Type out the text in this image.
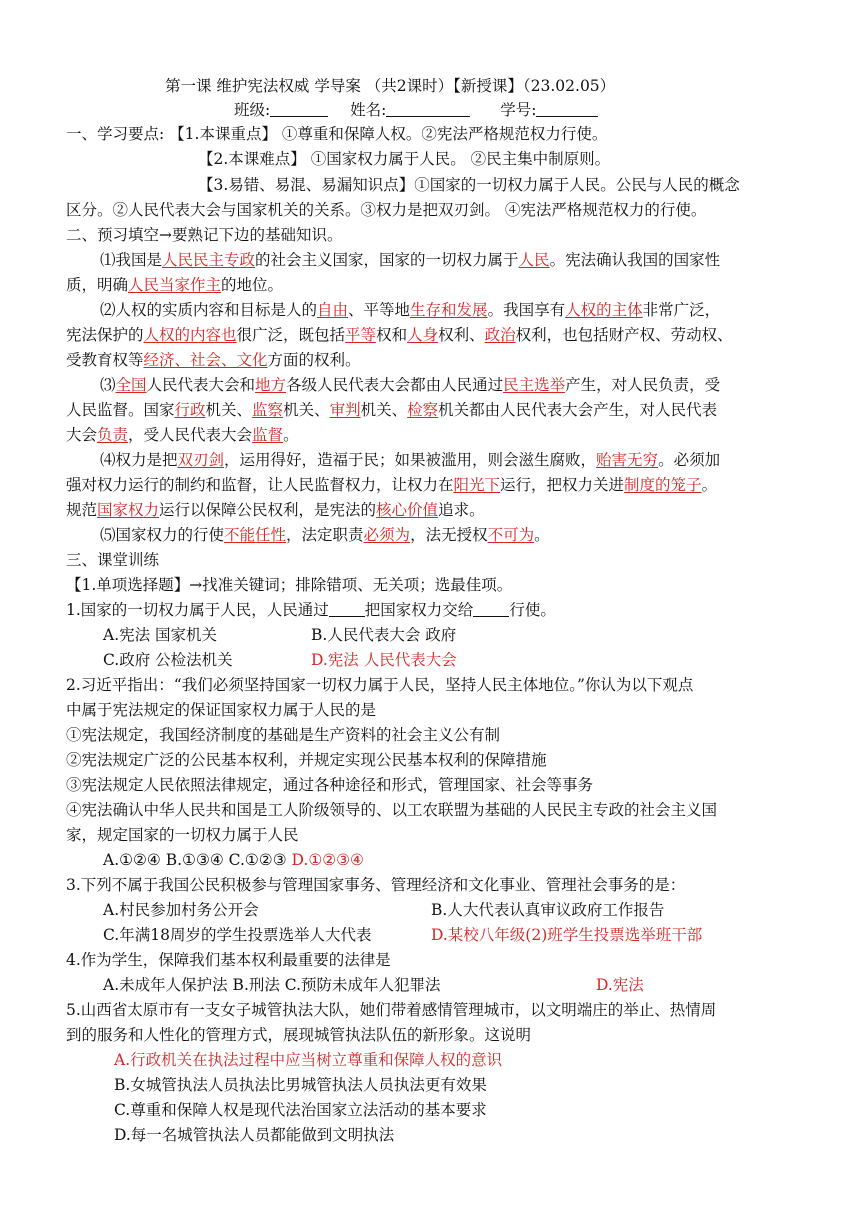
第一课 维护宪法权威 学导案 （共2课时）【新授课】（23.02.05）
班级:	姓名:	学号:
一、学习要点: 【1.本课重点】 ①尊重和保障人权。②宪法严格规范权力行使。
【2.本课难点】 ①国家权力属于人民。 ②民主集中制原则。
【3.易错、易混、易漏知识点】①国家的一切权力属于人民。公民与人民的概念
区分。②人民代表大会与国家机关的关系。③权力是把双刃剑。 ④宪法严格规范权力的行使。
二、预习填空→要熟记下边的基础知识。
⑴我国是人民民主专政的社会主义国家，国家的一切权力属于人民。宪法确认我国的国家性
质，明确人民当家作主的地位。
⑵人权的实质内容和目标是人的自由、平等地生存和发展。我国享有人权的主体非常广泛，
宪法保护的人权的内容也很广泛，既包括平等权和人身权利、政治权利，也包括财产权、劳动权、
受教育权等经济、社会、文化方面的权利。
⑶全国人民代表大会和地方各级人民代表大会都由人民通过民主选举产生，对人民负责，受
人民监督。国家行政机关、监察机关、审判机关、检察机关都由人民代表大会产生，对人民代表
大会负责，受人民代表大会监督。
⑷权力是把双刃剑，运用得好，造福于民；如果被滥用，则会滋生腐败，贻害无穷。必须加
强对权力运行的制约和监督，让人民监督权力，让权力在阳光下运行，把权力关进制度的笼子。
规范国家权力运行以保障公民权利，是宪法的核心价值追求。
⑸国家权力的行使不能任性，法定职责必须为，法无授权不可为。
三、课堂训练
【1.单项选择题】→找准关键词；排除错项、无关项；选最佳项。
1.国家的一切权力属于人民，人民通过 把国家权力交给 行使。
A.宪法 国家机关	B.人民代表大会 政府
C.政府 公检法机关	D.宪法 人民代表大会
2.习近平指出：“我们必须坚持国家一切权力属于人民，坚持人民主体地位。”你认为以下观点
中属于宪法规定的保证国家权力属于人民的是
①宪法规定，我国经济制度的基础是生产资料的社会主义公有制
②宪法规定广泛的公民基本权利，并规定实现公民基本权利的保障措施
③宪法规定人民依照法律规定，通过各种途径和形式，管理国家、社会等事务
④宪法确认中华人民共和国是工人阶级领导的、以工农联盟为基础的人民民主专政的社会主义国
家，规定国家的一切权力属于人民
A.①②④ B.①③④ C.①②③ D.①②③④
3.下列不属于我国公民积极参与管理国家事务、管理经济和文化事业、管理社会事务的是：
A.村民参加村务公开会	B.人大代表认真审议政府工作报告
C.年满18周岁的学生投票选举人大代表	D.某校八年级(2)班学生投票选举班干部
4.作为学生，保障我们基本权利最重要的法律是
A.未成年人保护法 B.刑法 C.预防未成年人犯罪法	D.宪法
5.山西省太原市有一支女子城管执法大队，她们带着感情管理城市，以文明端庄的举止、热情周
到的服务和人性化的管理方式，展现城管执法队伍的新形象。这说明
A.行政机关在执法过程中应当树立尊重和保障人权的意识
B.女城管执法人员执法比男城管执法人员执法更有效果
C.尊重和保障人权是现代法治国家立法活动的基本要求
D.每一名城管执法人员都能做到文明执法
